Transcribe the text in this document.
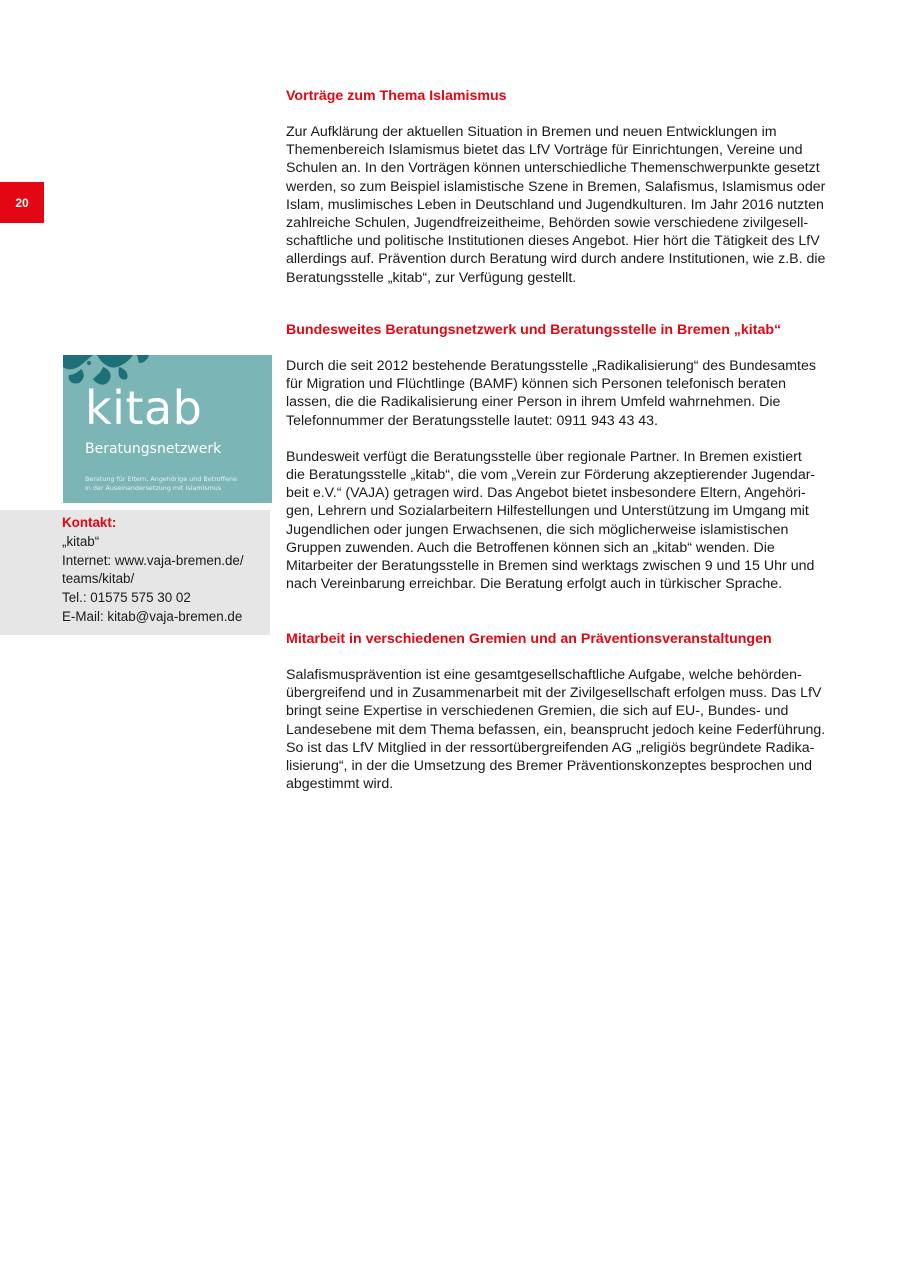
20
Vorträge zum Thema Islamismus

Zur Aufklärung der aktuellen Situation in Bremen und neuen Entwicklungen im
Themenbereich Islamismus bietet das LfV Vorträge für Einrichtungen, Vereine und
Schulen an. In den Vorträgen können unterschiedliche Themenschwerpunkte gesetzt
werden, so zum Beispiel islamistische Szene in Bremen, Salafismus, Islamismus oder
Islam, muslimisches Leben in Deutschland und Jugendkulturen. Im Jahr 2016 nutzten
zahlreiche Schulen, Jugendfreizeitheime, Behörden sowie verschiedene zivilgesell-
schaftliche und politische Institutionen dieses Angebot. Hier hört die Tätigkeit des LfV
allerdings auf. Prävention durch Beratung wird durch andere Institutionen, wie z.B. die
Beratungsstelle „kitab“, zur Verfügung gestellt.

Bundesweites Beratungsnetzwerk und Beratungsstelle in Bremen „kitab“

Durch die seit 2012 bestehende Beratungsstelle „Radikalisierung“ des Bundesamtes
für Migration und Flüchtlinge (BAMF) können sich Personen telefonisch beraten
lassen, die die Radikalisierung einer Person in ihrem Umfeld wahrnehmen. Die
Telefonnummer der Beratungsstelle lautet: 0911 943 43 43.

Bundesweit verfügt die Beratungsstelle über regionale Partner. In Bremen existiert
die Beratungsstelle „kitab“, die vom „Verein zur Förderung akzeptierender Jugendar-
beit e.V.“ (VAJA) getragen wird. Das Angebot bietet insbesondere Eltern, Angehöri-
gen, Lehrern und Sozialarbeitern Hilfestellungen und Unterstützung im Umgang mit
Jugendlichen oder jungen Erwachsenen, die sich möglicherweise islamistischen
Gruppen zuwenden. Auch die Betroffenen können sich an „kitab“ wenden. Die
Mitarbeiter der Beratungsstelle in Bremen sind werktags zwischen 9 und 15 Uhr und
nach Vereinbarung erreichbar. Die Beratung erfolgt auch in türkischer Sprache.

Mitarbeit in verschiedenen Gremien und an Präventionsveranstaltungen

Salafismusprävention ist eine gesamtgesellschaftliche Aufgabe, welche behörden-
übergreifend und in Zusammenarbeit mit der Zivilgesellschaft erfolgen muss. Das LfV
bringt seine Expertise in verschiedenen Gremien, die sich auf EU-, Bundes- und
Landesebene mit dem Thema befassen, ein, beansprucht jedoch keine Federführung.
So ist das LfV Mitglied in der ressortübergreifenden AG „religiös begründete Radika-
lisierung“, in der die Umsetzung des Bremer Präventionskonzeptes besprochen und
abgestimmt wird.

kitab
Beratungsnetzwerk
Beratung für Eltern, Angehörige und Betroffene
in der Auseinandersetzung mit Islamismus
Kontakt:
„kitab“
Internet: www.vaja-bremen.de/
teams/kitab/
Tel.: 01575 575 30 02
E-Mail: kitab@vaja-bremen.de
